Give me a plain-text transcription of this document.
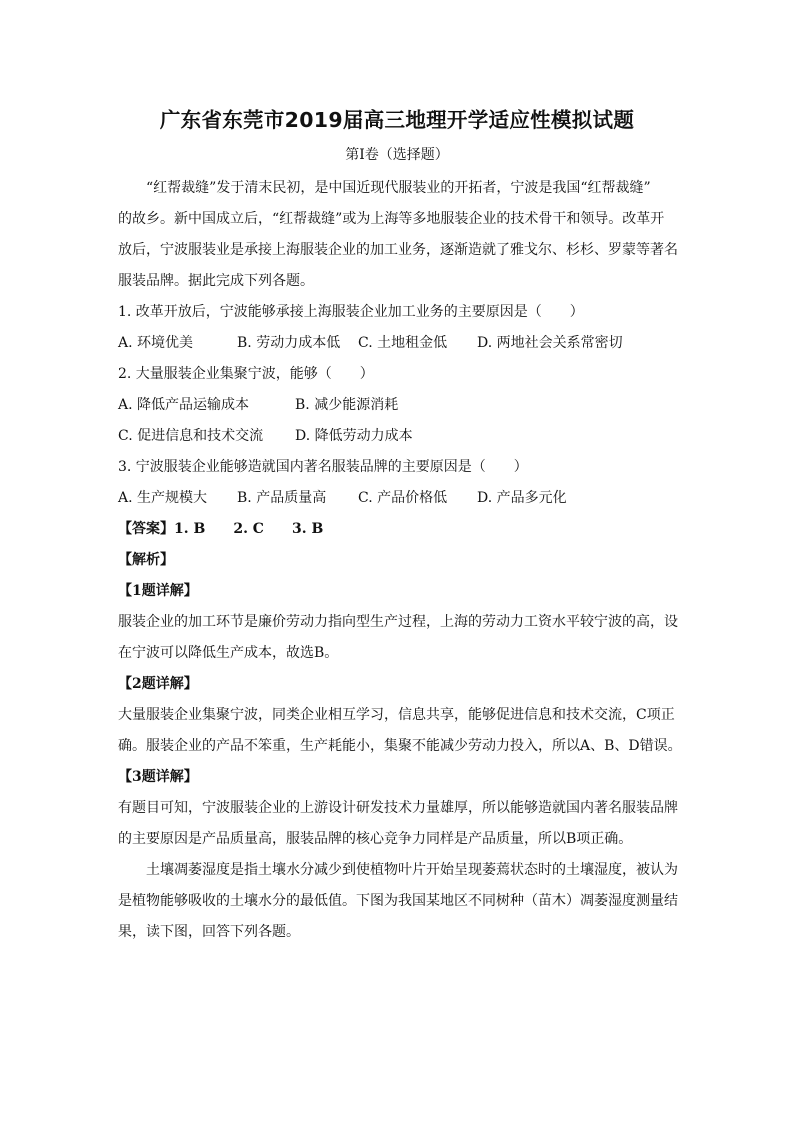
广东省东莞市2019届高三地理开学适应性模拟试题
第Ⅰ卷（选择题）
“红帮裁缝”发于清末民初，是中国近现代服装业的开拓者，宁波是我国“红帮裁缝”
的故乡。新中国成立后，“红帮裁缝”或为上海等多地服装企业的技术骨干和领导。改革开
放后，宁波服装业是承接上海服装企业的加工业务，逐渐造就了雅戈尔、杉杉、罗蒙等著名
服装品牌。据此完成下列各题。
1. 改革开放后，宁波能够承接上海服装企业加工业务的主要原因是（　　）
A. 环境优美	B. 劳动力成本低 C. 土地租金低 D. 两地社会关系常密切
2. 大量服装企业集聚宁波，能够（　　）
A. 降低产品运输成本	B. 减少能源消耗
C. 促进信息和技术交流 D. 降低劳动力成本
3. 宁波服装企业能够造就国内著名服装品牌的主要原因是（　　）
A. 生产规模大 B. 产品质量高 C. 产品价格低 D. 产品多元化
【答案】1. B　　2. C　　3. B
【解析】
【1题详解】
服装企业的加工环节是廉价劳动力指向型生产过程，上海的劳动力工资水平较宁波的高，设
在宁波可以降低生产成本，故选B。
【2题详解】
大量服装企业集聚宁波，同类企业相互学习，信息共享，能够促进信息和技术交流，C项正
确。服装企业的产品不笨重，生产耗能小，集聚不能减少劳动力投入，所以A、B、D错误。
【3题详解】
有题目可知，宁波服装企业的上游设计研发技术力量雄厚，所以能够造就国内著名服装品牌
的主要原因是产品质量高，服装品牌的核心竞争力同样是产品质量，所以B项正确。
土壤凋萎湿度是指土壤水分减少到使植物叶片开始呈现萎蔫状态时的土壤湿度，被认为
是植物能够吸收的土壤水分的最低值。下图为我国某地区不同树种（苗木）凋萎湿度测量结
果，读下图，回答下列各题。
